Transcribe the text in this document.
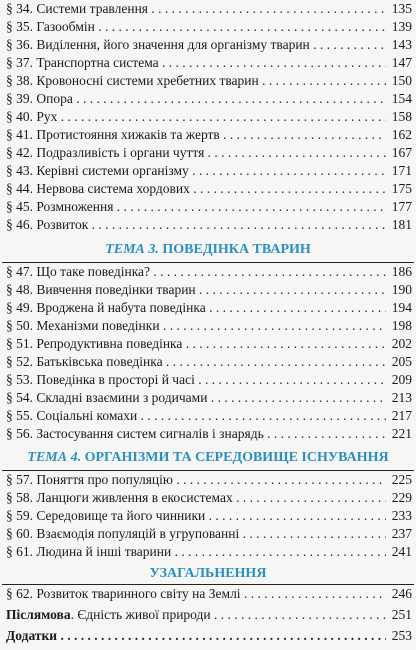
§ 34. Системи травлення . . .	135
§ 35. Газообмін . . .	139
§ 36. Виділення, його значення для організму тварин . . .	143
§ 37. Транспортна система . . .	147
§ 38. Кровоносні системи хребетних тварин . . .	150
§ 39. Опора . . .	154
§ 40. Рух . . .	158
§ 41. Протистояння хижаків та жертв . . .	162
§ 42. Подразливість і органи чуття . . .	167
§ 43. Керівні системи організму . . .	171
§ 44. Нервова система хордових . . .	175
§ 45. Розмноження . . .	177
§ 46. Розвиток . . .	181
ТЕМА 3. ПОВЕДІНКА ТВАРИН
§ 47. Що таке поведінка? . . .	186
§ 48. Вивчення поведінки тварин . . .	190
§ 49. Вроджена й набута поведінка . . .	194
§ 50. Механізми поведінки . . .	198
§ 51. Репродуктивна поведінка . . .	202
§ 52. Батьківська поведінка . . .	205
§ 53. Поведінка в просторі й часі . . .	209
§ 54. Складні взаємини з родичами . . .	213
§ 55. Соціальні комахи . . .	217
§ 56. Застосування систем сигналів і знарядь . . .	221
ТЕМА 4. ОРГАНІЗМИ ТА СЕРЕДОВИЩЕ ІСНУВАННЯ
§ 57. Поняття про популяцію . . .	225
§ 58. Ланцюги живлення в екосистемах . . .	229
§ 59. Середовище та його чинники . . .	233
§ 60. Взаємодія популяцій в угрупованні . . .	237
§ 61. Людина й інші тварини . . .	241
УЗАГАЛЬНЕННЯ
§ 62. Розвиток тваринного світу на Землі . . .	246
Післямова. Єдність живої природи . . .	251
Додатки . . .	253
